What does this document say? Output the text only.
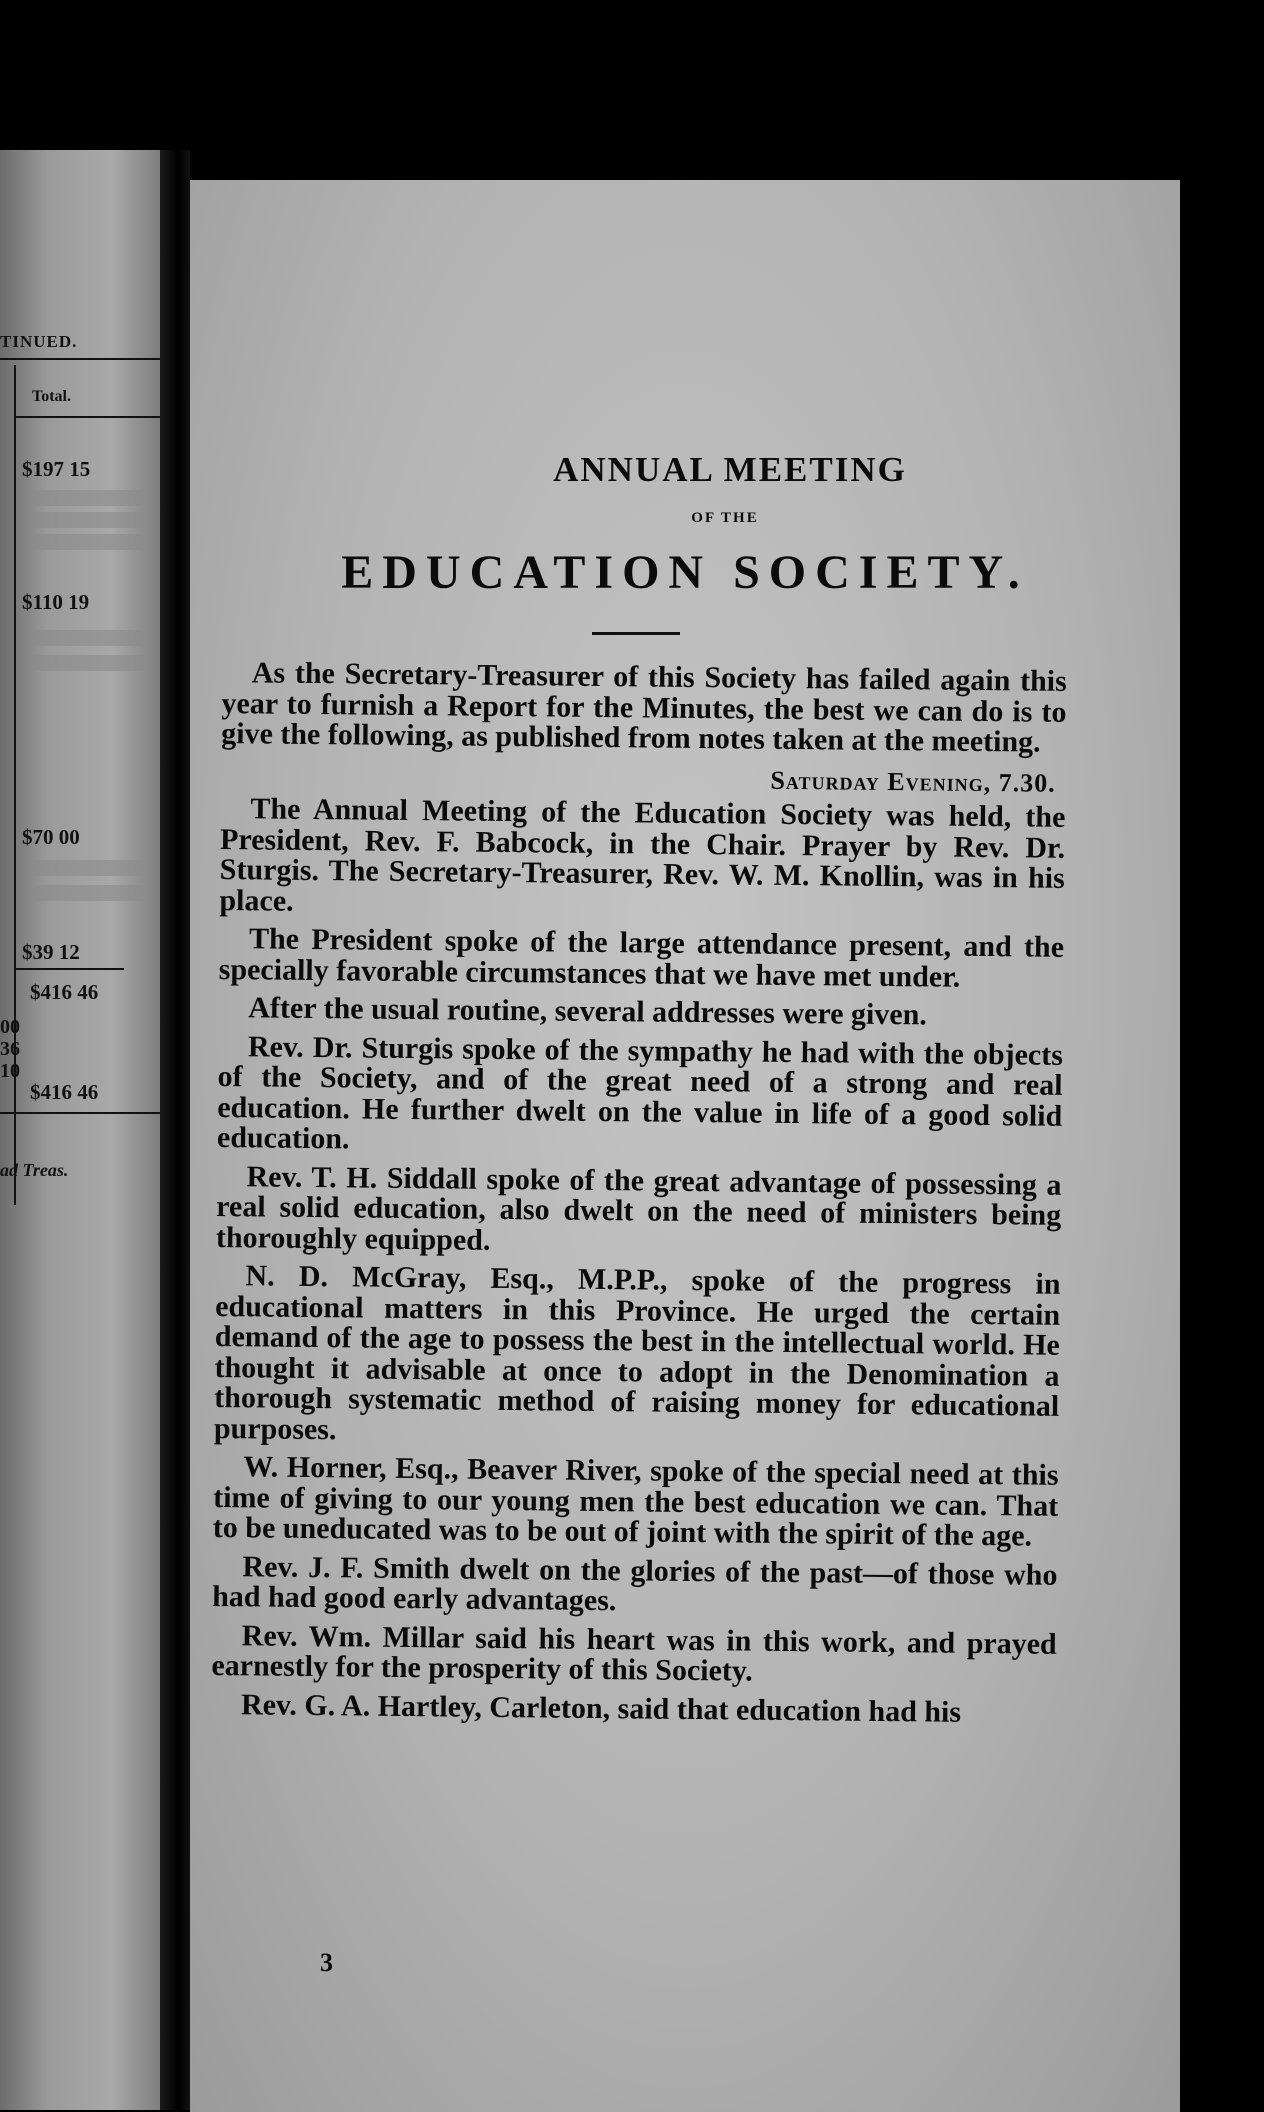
TINUED.
Total.
$197 15
$110 19
$70 00
$39 12
$416 46
00
36
10
$416 46
ad Treas.
ANNUAL MEETING
OF THE
EDUCATION SOCIETY.

As the Secretary-Treasurer of this Society has failed again this year to furnish a Report for the Minutes, the best we can do is to give the following, as published from notes taken at the meeting.

Saturday Evening, 7.30.

The Annual Meeting of the Education Society was held, the President, Rev. F. Babcock, in the Chair. Prayer by Rev. Dr. Sturgis. The Secretary-Treasurer, Rev. W. M. Knollin, was in his place.

The President spoke of the large attendance present, and the specially favorable circumstances that we have met under.

After the usual routine, several addresses were given.

Rev. Dr. Sturgis spoke of the sympathy he had with the objects of the Society, and of the great need of a strong and real education. He further dwelt on the value in life of a good solid education.

Rev. T. H. Siddall spoke of the great advantage of possessing a real solid education, also dwelt on the need of ministers being thoroughly equipped.

N. D. McGray, Esq., M.P.P., spoke of the progress in educational matters in this Province. He urged the certain demand of the age to possess the best in the intellectual world. He thought it advisable at once to adopt in the Denomination a thorough systematic method of raising money for educational purposes.

W. Horner, Esq., Beaver River, spoke of the special need at this time of giving to our young men the best education we can. That to be uneducated was to be out of joint with the spirit of the age.

Rev. J. F. Smith dwelt on the glories of the past—of those who had had good early advantages.

Rev. Wm. Millar said his heart was in this work, and prayed earnestly for the prosperity of this Society.

Rev. G. A. Hartley, Carleton, said that education had his

3
